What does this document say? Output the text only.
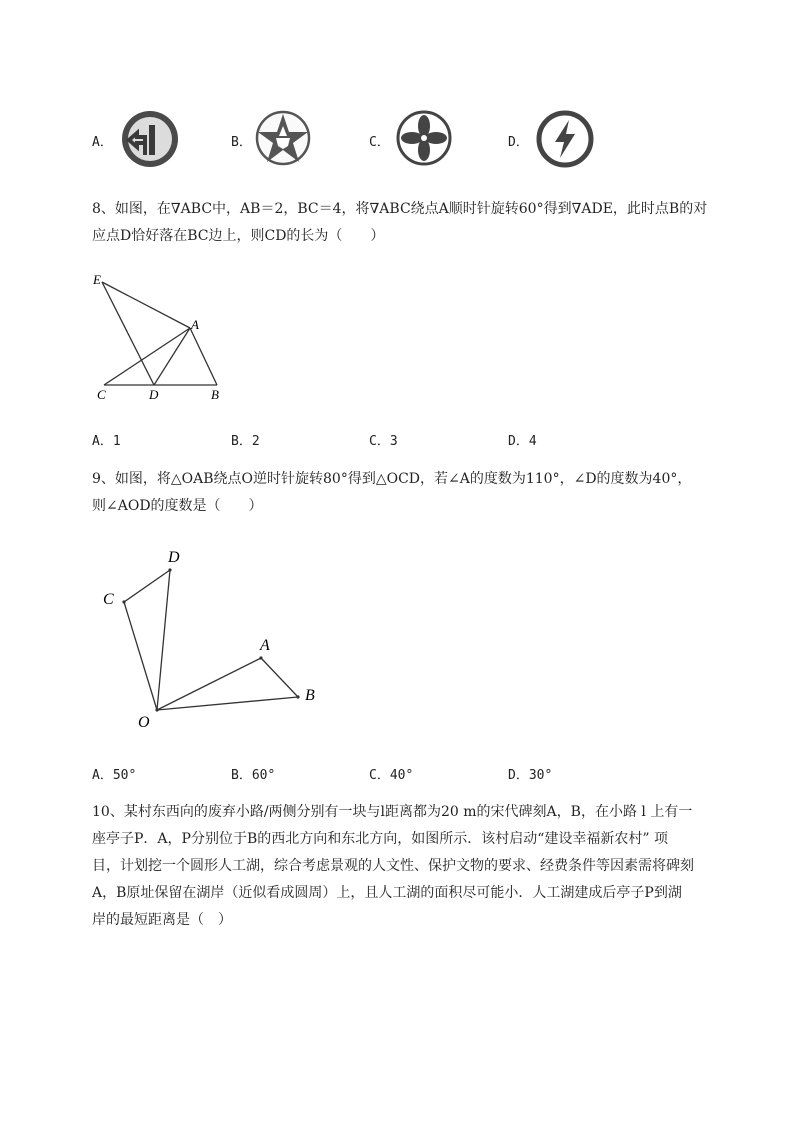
A．	B．	C．	D．
8、如图，在∇ABC中，AB＝2，BC＝4，将∇ABC绕点A顺时针旋转60°得到∇ADE，此时点B的对
应点D恰好落在BC边上，则CD的长为（　　）
E
A
C	D	B
A．1	B．2	C．3	D．4
9、如图，将△OAB绕点O逆时针旋转80°得到△OCD，若∠A的度数为110°，∠D的度数为40°，
则∠AOD的度数是（　　）
D
C
A
B
O
A．50°	B．60°	C．40°	D．30°
10、某村东西向的废弃小路/两侧分别有一块与l距离都为20 m的宋代碑刻A，B，在小路 l 上有一
座亭子P．A，P分别位于B的西北方向和东北方向，如图所示．该村启动“建设幸福新农村” 项
目，计划挖一个圆形人工湖，综合考虑景观的人文性、保护文物的要求、经费条件等因素需将碑刻
A，B原址保留在湖岸（近似看成圆周）上，且人工湖的面积尽可能小．人工湖建成后亭子P到湖
岸的最短距离是（　）
